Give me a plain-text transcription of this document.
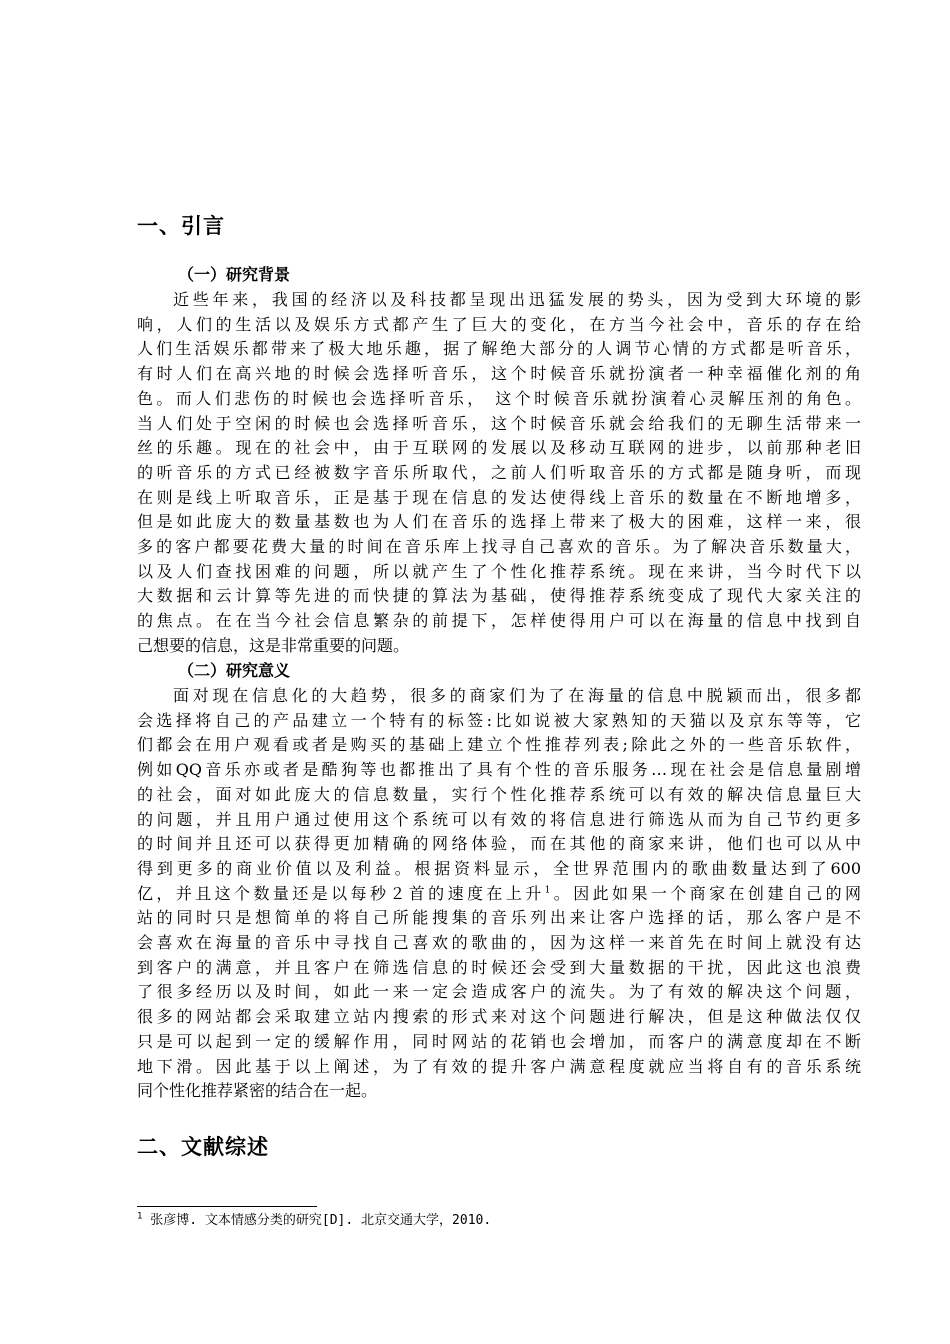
一、引言
（一）研究背景
近些年来，我国的经济以及科技都呈现出迅猛发展的势头，因为受到大环境的影
响，人们的生活以及娱乐方式都产生了巨大的变化，在方当今社会中，音乐的存在给
人们生活娱乐都带来了极大地乐趣，据了解绝大部分的人调节心情的方式都是听音乐，
有时人们在高兴地的时候会选择听音乐，这个时候音乐就扮演者一种幸福催化剂的角
色。而人们悲伤的时候也会选择听音乐， 这个时候音乐就扮演着心灵解压剂的角色。
当人们处于空闲的时候也会选择听音乐，这个时候音乐就会给我们的无聊生活带来一
丝的乐趣。现在的社会中，由于互联网的发展以及移动互联网的进步，以前那种老旧
的听音乐的方式已经被数字音乐所取代，之前人们听取音乐的方式都是随身听，而现
在则是线上听取音乐，正是基于现在信息的发达使得线上音乐的数量在不断地增多，
但是如此庞大的数量基数也为人们在音乐的选择上带来了极大的困难，这样一来，很
多的客户都要花费大量的时间在音乐库上找寻自己喜欢的音乐。为了解决音乐数量大，
以及人们查找困难的问题，所以就产生了个性化推荐系统。现在来讲，当今时代下以
大数据和云计算等先进的而快捷的算法为基础，使得推荐系统变成了现代大家关注的
的焦点。在在当今社会信息繁杂的前提下，怎样使得用户可以在海量的信息中找到自
己想要的信息，这是非常重要的问题。
（二）研究意义
面对现在信息化的大趋势，很多的商家们为了在海量的信息中脱颖而出，很多都
会选择将自己的产品建立一个特有的标签:比如说被大家熟知的天猫以及京东等等，它
们都会在用户观看或者是购买的基础上建立个性推荐列表;除此之外的一些音乐软件，
例如QQ音乐亦或者是酷狗等也都推出了具有个性的音乐服务…现在社会是信息量剧增
的社会，面对如此庞大的信息数量，实行个性化推荐系统可以有效的解决信息量巨大
的问题，并且用户通过使用这个系统可以有效的将信息进行筛选从而为自己节约更多
的时间并且还可以获得更加精确的网络体验，而在其他的商家来讲，他们也可以从中
得到更多的商业价值以及利益。根据资料显示，全世界范围内的歌曲数量达到了600
亿，并且这个数量还是以每秒２首的速度在上升$^1$。因此如果一个商家在创建自己的网
站的同时只是想简单的将自己所能搜集的音乐列出来让客户选择的话，那么客户是不
会喜欢在海量的音乐中寻找自己喜欢的歌曲的，因为这样一来首先在时间上就没有达
到客户的满意，并且客户在筛选信息的时候还会受到大量数据的干扰，因此这也浪费
了很多经历以及时间，如此一来一定会造成客户的流失。为了有效的解决这个问题，
很多的网站都会采取建立站内搜索的形式来对这个问题进行解决，但是这种做法仅仅
只是可以起到一定的缓解作用，同时网站的花销也会增加，而客户的满意度却在不断
地下滑。因此基于以上阐述，为了有效的提升客户满意程度就应当将自有的音乐系统
同个性化推荐紧密的结合在一起。
二、文献综述
$^1$ 张彦博. 文本情感分类的研究[D]. 北京交通大学，2010.
